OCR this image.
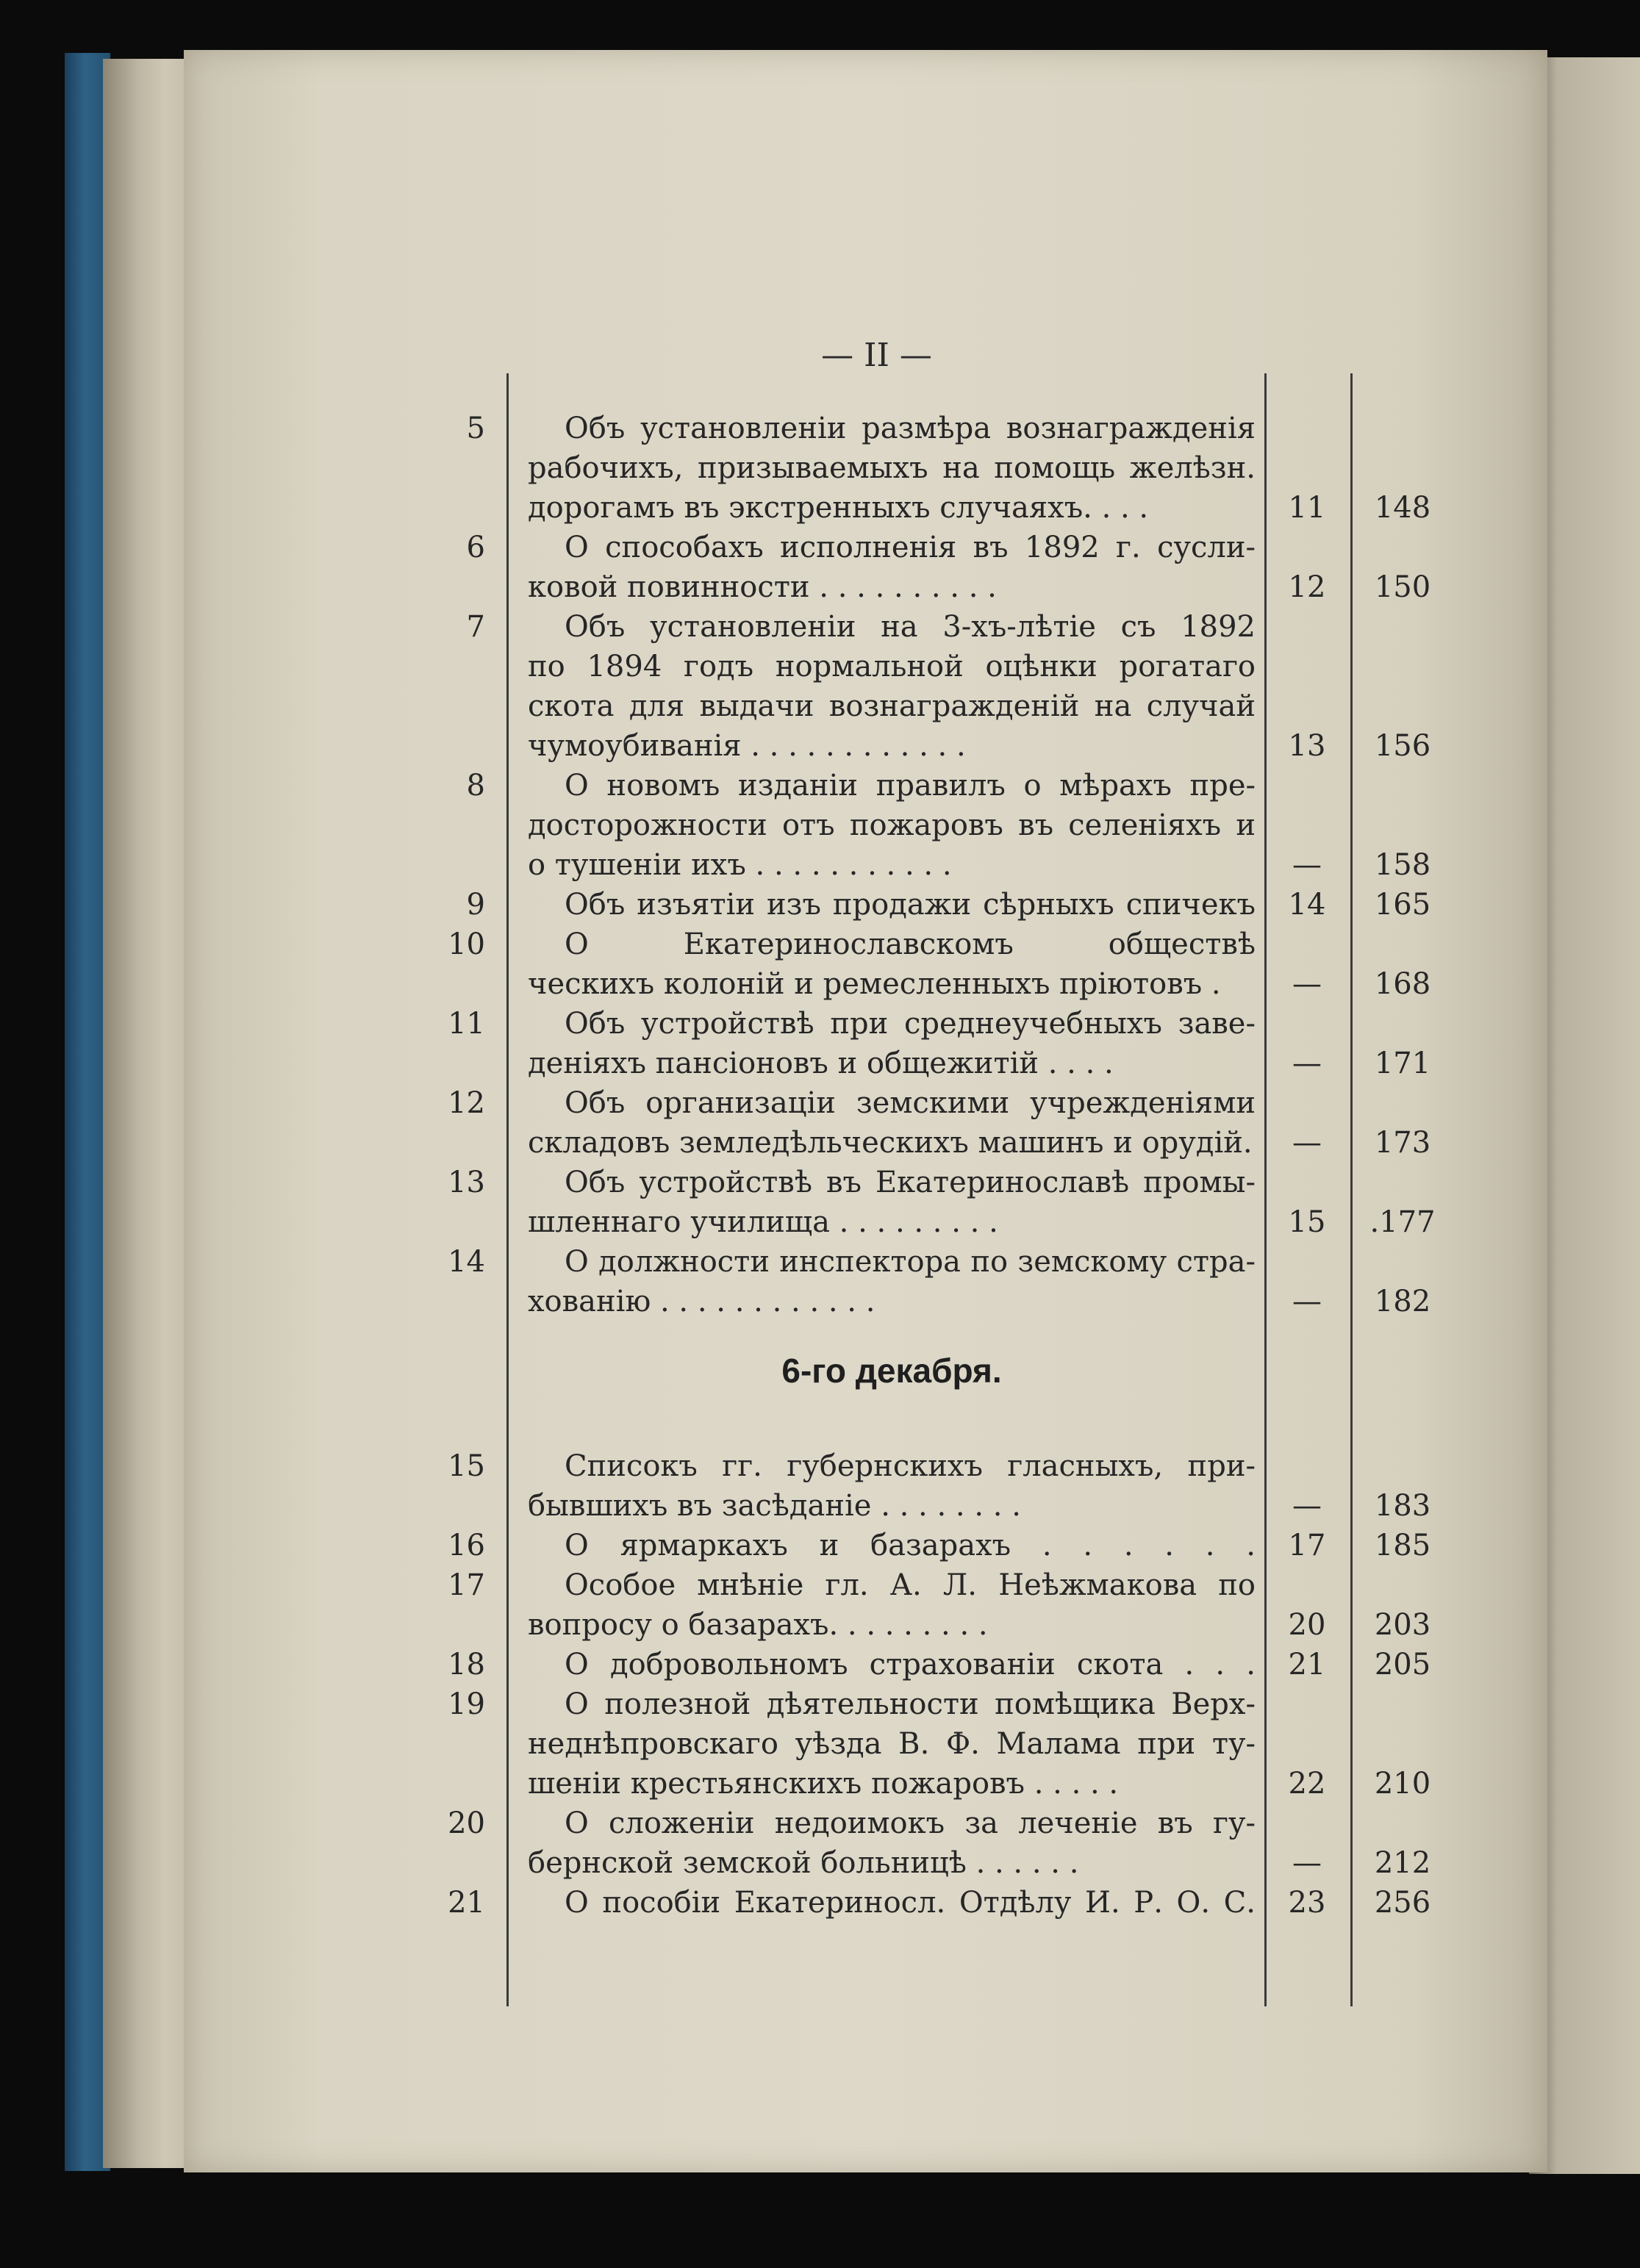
— II —
5	Объ установленіи размѣра вознагражденія
рабочихъ, призываемыхъ на помощь желѣзн.
дорогамъ въ экстренныхъ случаяхъ. . . .	11	148
6	О способахъ исполненія въ 1892 г. сусли-
ковой повинности . . . . . . . . . .	12	150
7	Объ установленіи на 3-хъ-лѣтіе съ 1892
по 1894 годъ нормальной оцѣнки рогатаго
скота для выдачи вознагражденій на случай
чумоубиванія . . . . . . . . . . . .	13	156
8	О новомъ изданіи правилъ о мѣрахъ пре-
досторожности отъ пожаровъ въ селеніяхъ и
о тушеніи ихъ . . . . . . . . . . .	—	158
9	Объ изъятіи изъ продажи сѣрныхъ спичекъ	14	165
10	О Екатеринославскомъ обществѣ
ческихъ колоній и ремесленныхъ пріютовъ .	—	168
11	Объ устройствѣ при среднеучебныхъ заве-
деніяхъ пансіоновъ и общежитій . . . .	—	171
12	Объ организаціи земскими учрежденіями
складовъ земледѣльческихъ машинъ и орудій.	—	173
13	Объ устройствѣ въ Екатеринославѣ промы-
шленнаго училища . . . . . . . . .	15	.177
14	О должности инспектора по земскому стра-
хованію . . . . . . . . . . . .	—	182
15	Списокъ гг. губернскихъ гласныхъ, при-
бывшихъ въ засѣданіе . . . . . . . .	—	183
16	О ярмаркахъ и базарахъ . . . . . .	17	185
17	Особое мнѣніе гл. А. Л. Неѣжмакова по
вопросу о базарахъ. . . . . . . . .	20	203
18	О добровольномъ страхованіи скота . . .	21	205
19	О полезной дѣятельности помѣщика Верх-
неднѣпровскаго уѣзда В. Ф. Малама при ту-
шеніи крестьянскихъ пожаровъ . . . . .	22	210
20	О сложеніи недоимокъ за леченіе въ гу-
бернской земской больницѣ . . . . . .	—	212
21	О пособіи Екатериносл. Отдѣлу И. Р. О. С.	23	256
6-го декабря.
